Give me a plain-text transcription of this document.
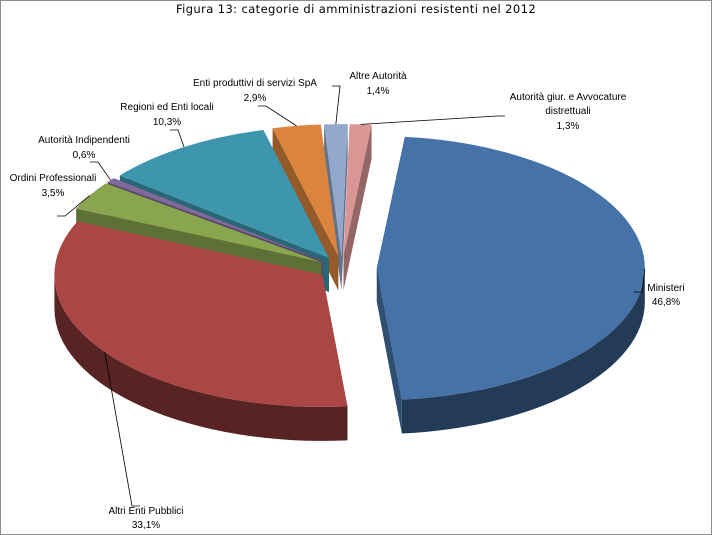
Figura 13: categorie di amministrazioni resistenti nel 2012
Ministeri
46,8%
Altri Enti Pubblici
33,1%
Ordini Professionali
3,5%
Autorità Indipendenti
0,6%
Regioni ed Enti locali
10,3%
Enti produttivi di servizi SpA
2,9%
Altre Autorità
1,4%
Autorità giur. e Avvocature
distrettuali
1,3%
